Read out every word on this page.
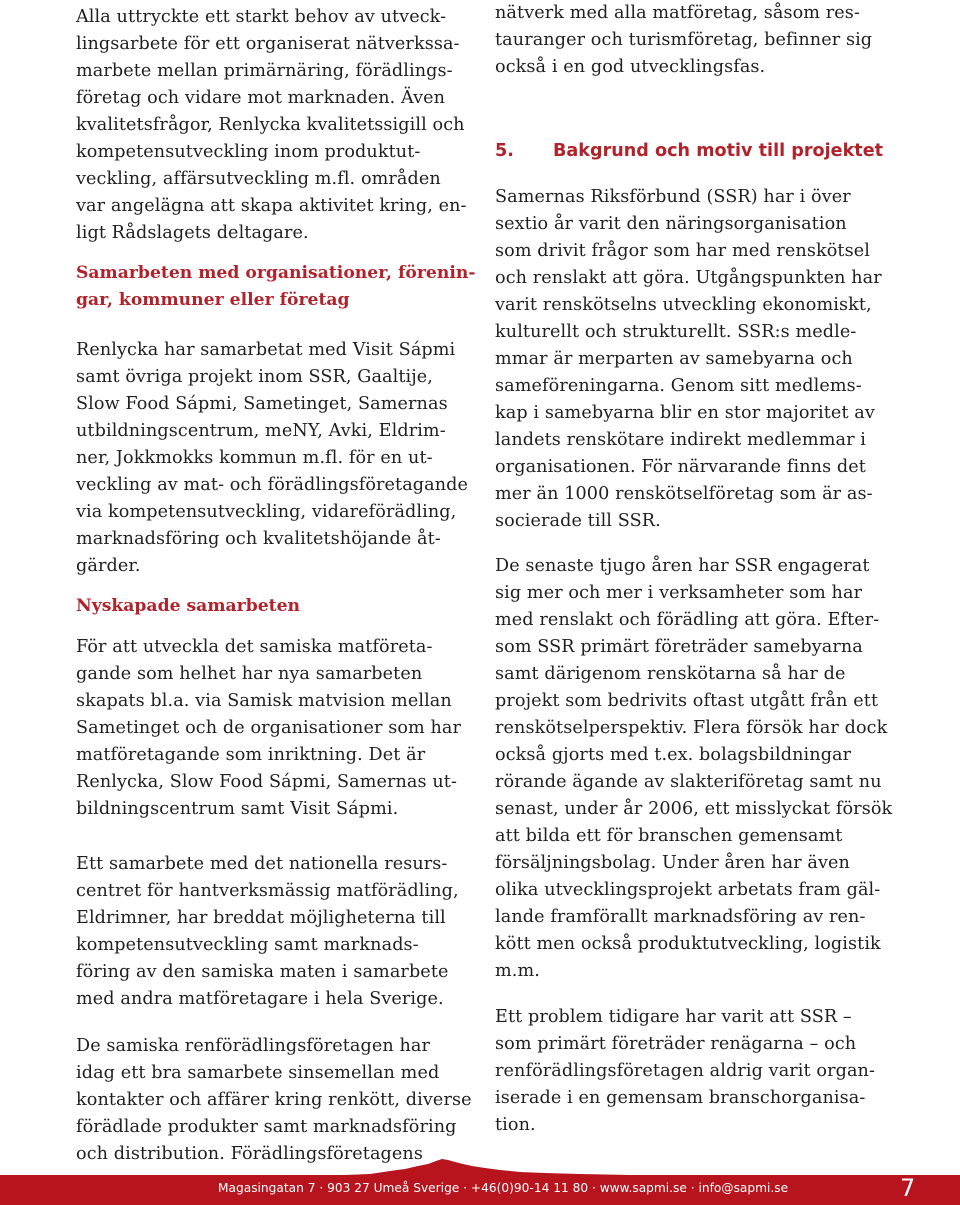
Alla uttryckte ett starkt behov av utveck-
lingsarbete för ett organiserat nätverkssa-
marbete mellan primärnäring, förädlings-
företag och vidare mot marknaden. Även
kvalitetsfrågor, Renlycka kvalitetssigill och
kompetensutveckling inom produktut-
veckling, affärsutveckling m.fl. områden
var angelägna att skapa aktivitet kring, en-
ligt Rådslagets deltagare.

Samarbeten med organisationer, förenin-
gar, kommuner eller företag

Renlycka har samarbetat med Visit Sápmi
samt övriga projekt inom SSR, Gaaltije,
Slow Food Sápmi, Sametinget, Samernas
utbildningscentrum, meNY, Avki, Eldrim-
ner, Jokkmokks kommun m.fl. för en ut-
veckling av mat- och förädlingsföretagande
via kompetensutveckling, vidareförädling,
marknadsföring och kvalitetshöjande åt-
gärder.

Nyskapade samarbeten

För att utveckla det samiska matföreta-
gande som helhet har nya samarbeten
skapats bl.a. via Samisk matvision mellan
Sametinget och de organisationer som har
matföretagande som inriktning. Det är
Renlycka, Slow Food Sápmi, Samernas ut-
bildningscentrum samt Visit Sápmi.

Ett samarbete med det nationella resurs-
centret för hantverksmässig matförädling,
Eldrimner, har breddat möjligheterna till
kompetensutveckling samt marknads-
föring av den samiska maten i samarbete
med andra matföretagare i hela Sverige.

De samiska renförädlingsföretagen har
idag ett bra samarbete sinsemellan med
kontakter och affärer kring renkött, diverse
förädlade produkter samt marknadsföring
och distribution. Förädlingsföretagens

nätverk med alla matföretag, såsom res-
tauranger och turismföretag, befinner sig
också i en god utvecklingsfas.

5. Bakgrund och motiv till projektet

Samernas Riksförbund (SSR) har i över
sextio år varit den näringsorganisation
som drivit frågor som har med renskötsel
och renslakt att göra. Utgångspunkten har
varit renskötselns utveckling ekonomiskt,
kulturellt och strukturellt. SSR:s medle-
mmar är merparten av samebyarna och
sameföreningarna. Genom sitt medlems-
kap i samebyarna blir en stor majoritet av
landets renskötare indirekt medlemmar i
organisationen. För närvarande finns det
mer än 1000 renskötselföretag som är as-
socierade till SSR.

De senaste tjugo åren har SSR engagerat
sig mer och mer i verksamheter som har
med renslakt och förädling att göra. Efter-
som SSR primärt företräder samebyarna
samt därigenom renskötarna så har de
projekt som bedrivits oftast utgått från ett
renskötselperspektiv. Flera försök har dock
också gjorts med t.ex. bolagsbildningar
rörande ägande av slakteriföretag samt nu
senast, under år 2006, ett misslyckat försök
att bilda ett för branschen gemensamt
försäljningsbolag. Under åren har även
olika utvecklingsprojekt arbetats fram gäl-
lande framförallt marknadsföring av ren-
kött men också produktutveckling, logistik
m.m.

Ett problem tidigare har varit att SSR –
som primärt företräder renägarna – och
renförädlingsföretagen aldrig varit organ-
iserade i en gemensam branschorganisa-
tion.

Magasingatan 7 · 903 27 Umeå Sverige · +46(0)90-14 11 80 · www.sapmi.se · info@sapmi.se	7
